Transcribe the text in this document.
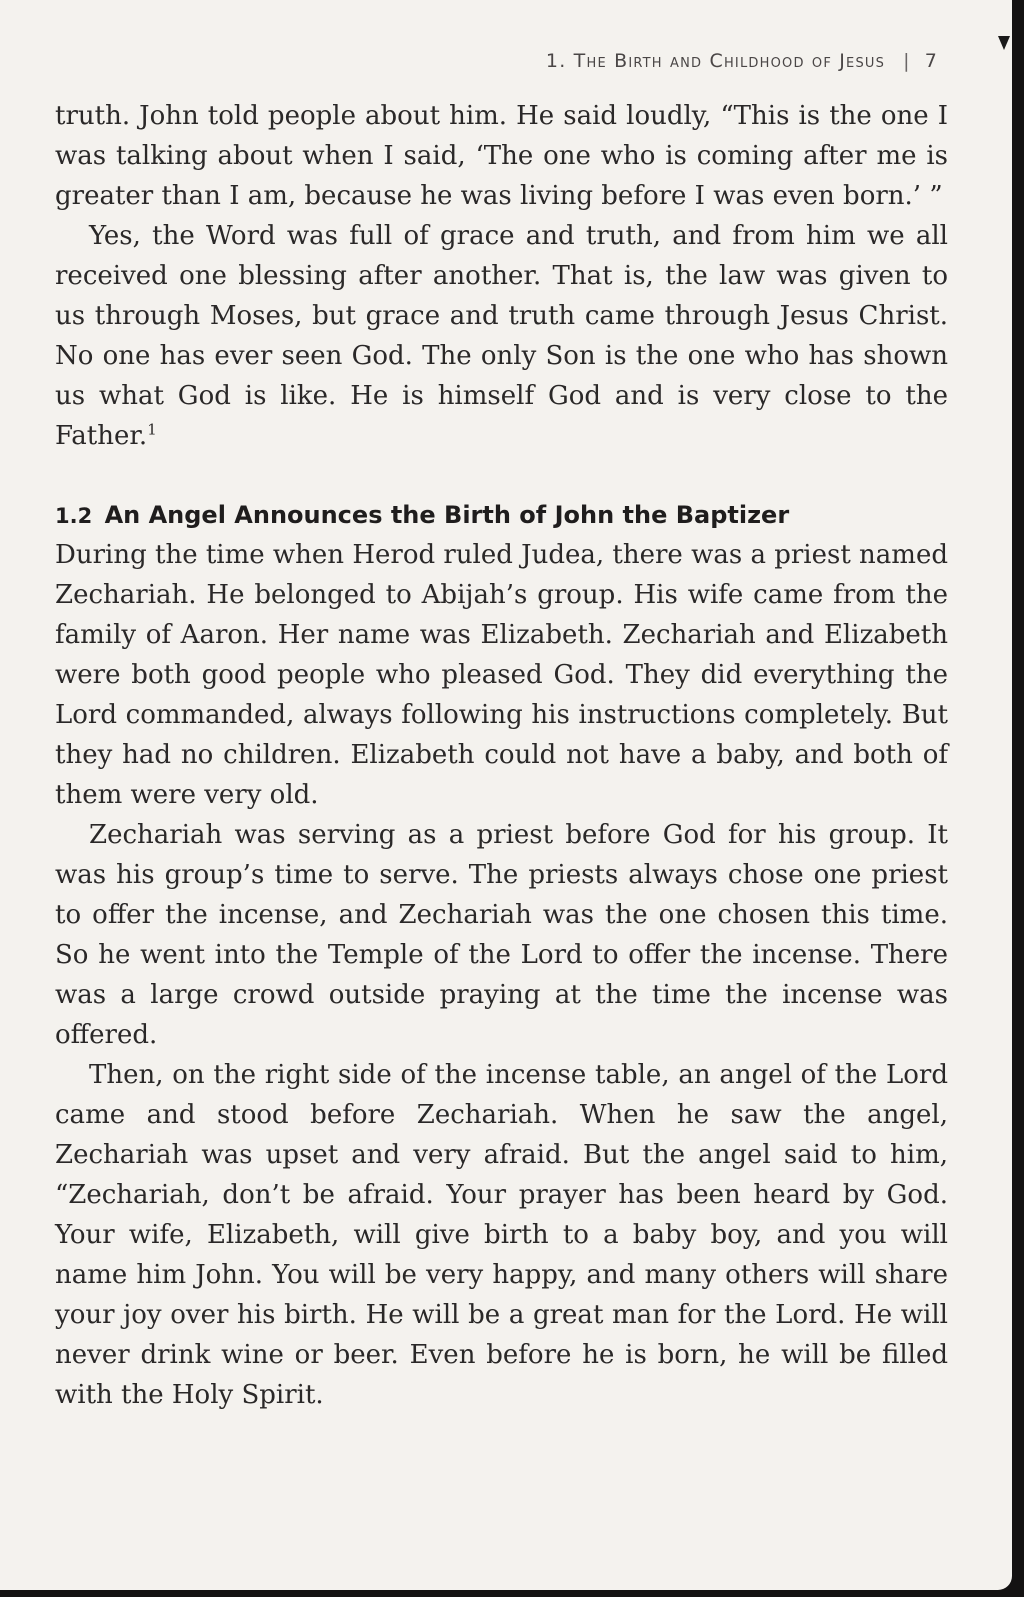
1. The Birth and Childhood of Jesus | 7

truth. John told people about him. He said loudly, “This is the one I was talking about when I said, ‘The one who is coming after me is greater than I am, because he was living before I was even born.’ ”

Yes, the Word was full of grace and truth, and from him we all received one blessing after another. That is, the law was given to us through Moses, but grace and truth came through Jesus Christ. No one has ever seen God. The only Son is the one who has shown us what God is like. He is himself God and is very close to the Father.$^1$

1.2 An Angel Announces the Birth of John the Baptizer

During the time when Herod ruled Judea, there was a priest named Zechariah. He belonged to Abijah’s group. His wife came from the family of Aaron. Her name was Elizabeth. Zechariah and Elizabeth were both good people who pleased God. They did everything the Lord commanded, always following his instructions completely. But they had no children. Elizabeth could not have a baby, and both of them were very old.

Zechariah was serving as a priest before God for his group. It was his group’s time to serve. The priests always chose one priest to offer the incense, and Zechariah was the one chosen this time. So he went into the Temple of the Lord to offer the incense. There was a large crowd outside praying at the time the incense was offered.

Then, on the right side of the incense table, an angel of the Lord came and stood before Zechariah. When he saw the angel, Zechariah was upset and very afraid. But the angel said to him, “Zechariah, don’t be afraid. Your prayer has been heard by God. Your wife, Elizabeth, will give birth to a baby boy, and you will name him John. You will be very happy, and many others will share your joy over his birth. He will be a great man for the Lord. He will never drink wine or beer. Even before he is born, he will be filled with the Holy Spirit.
